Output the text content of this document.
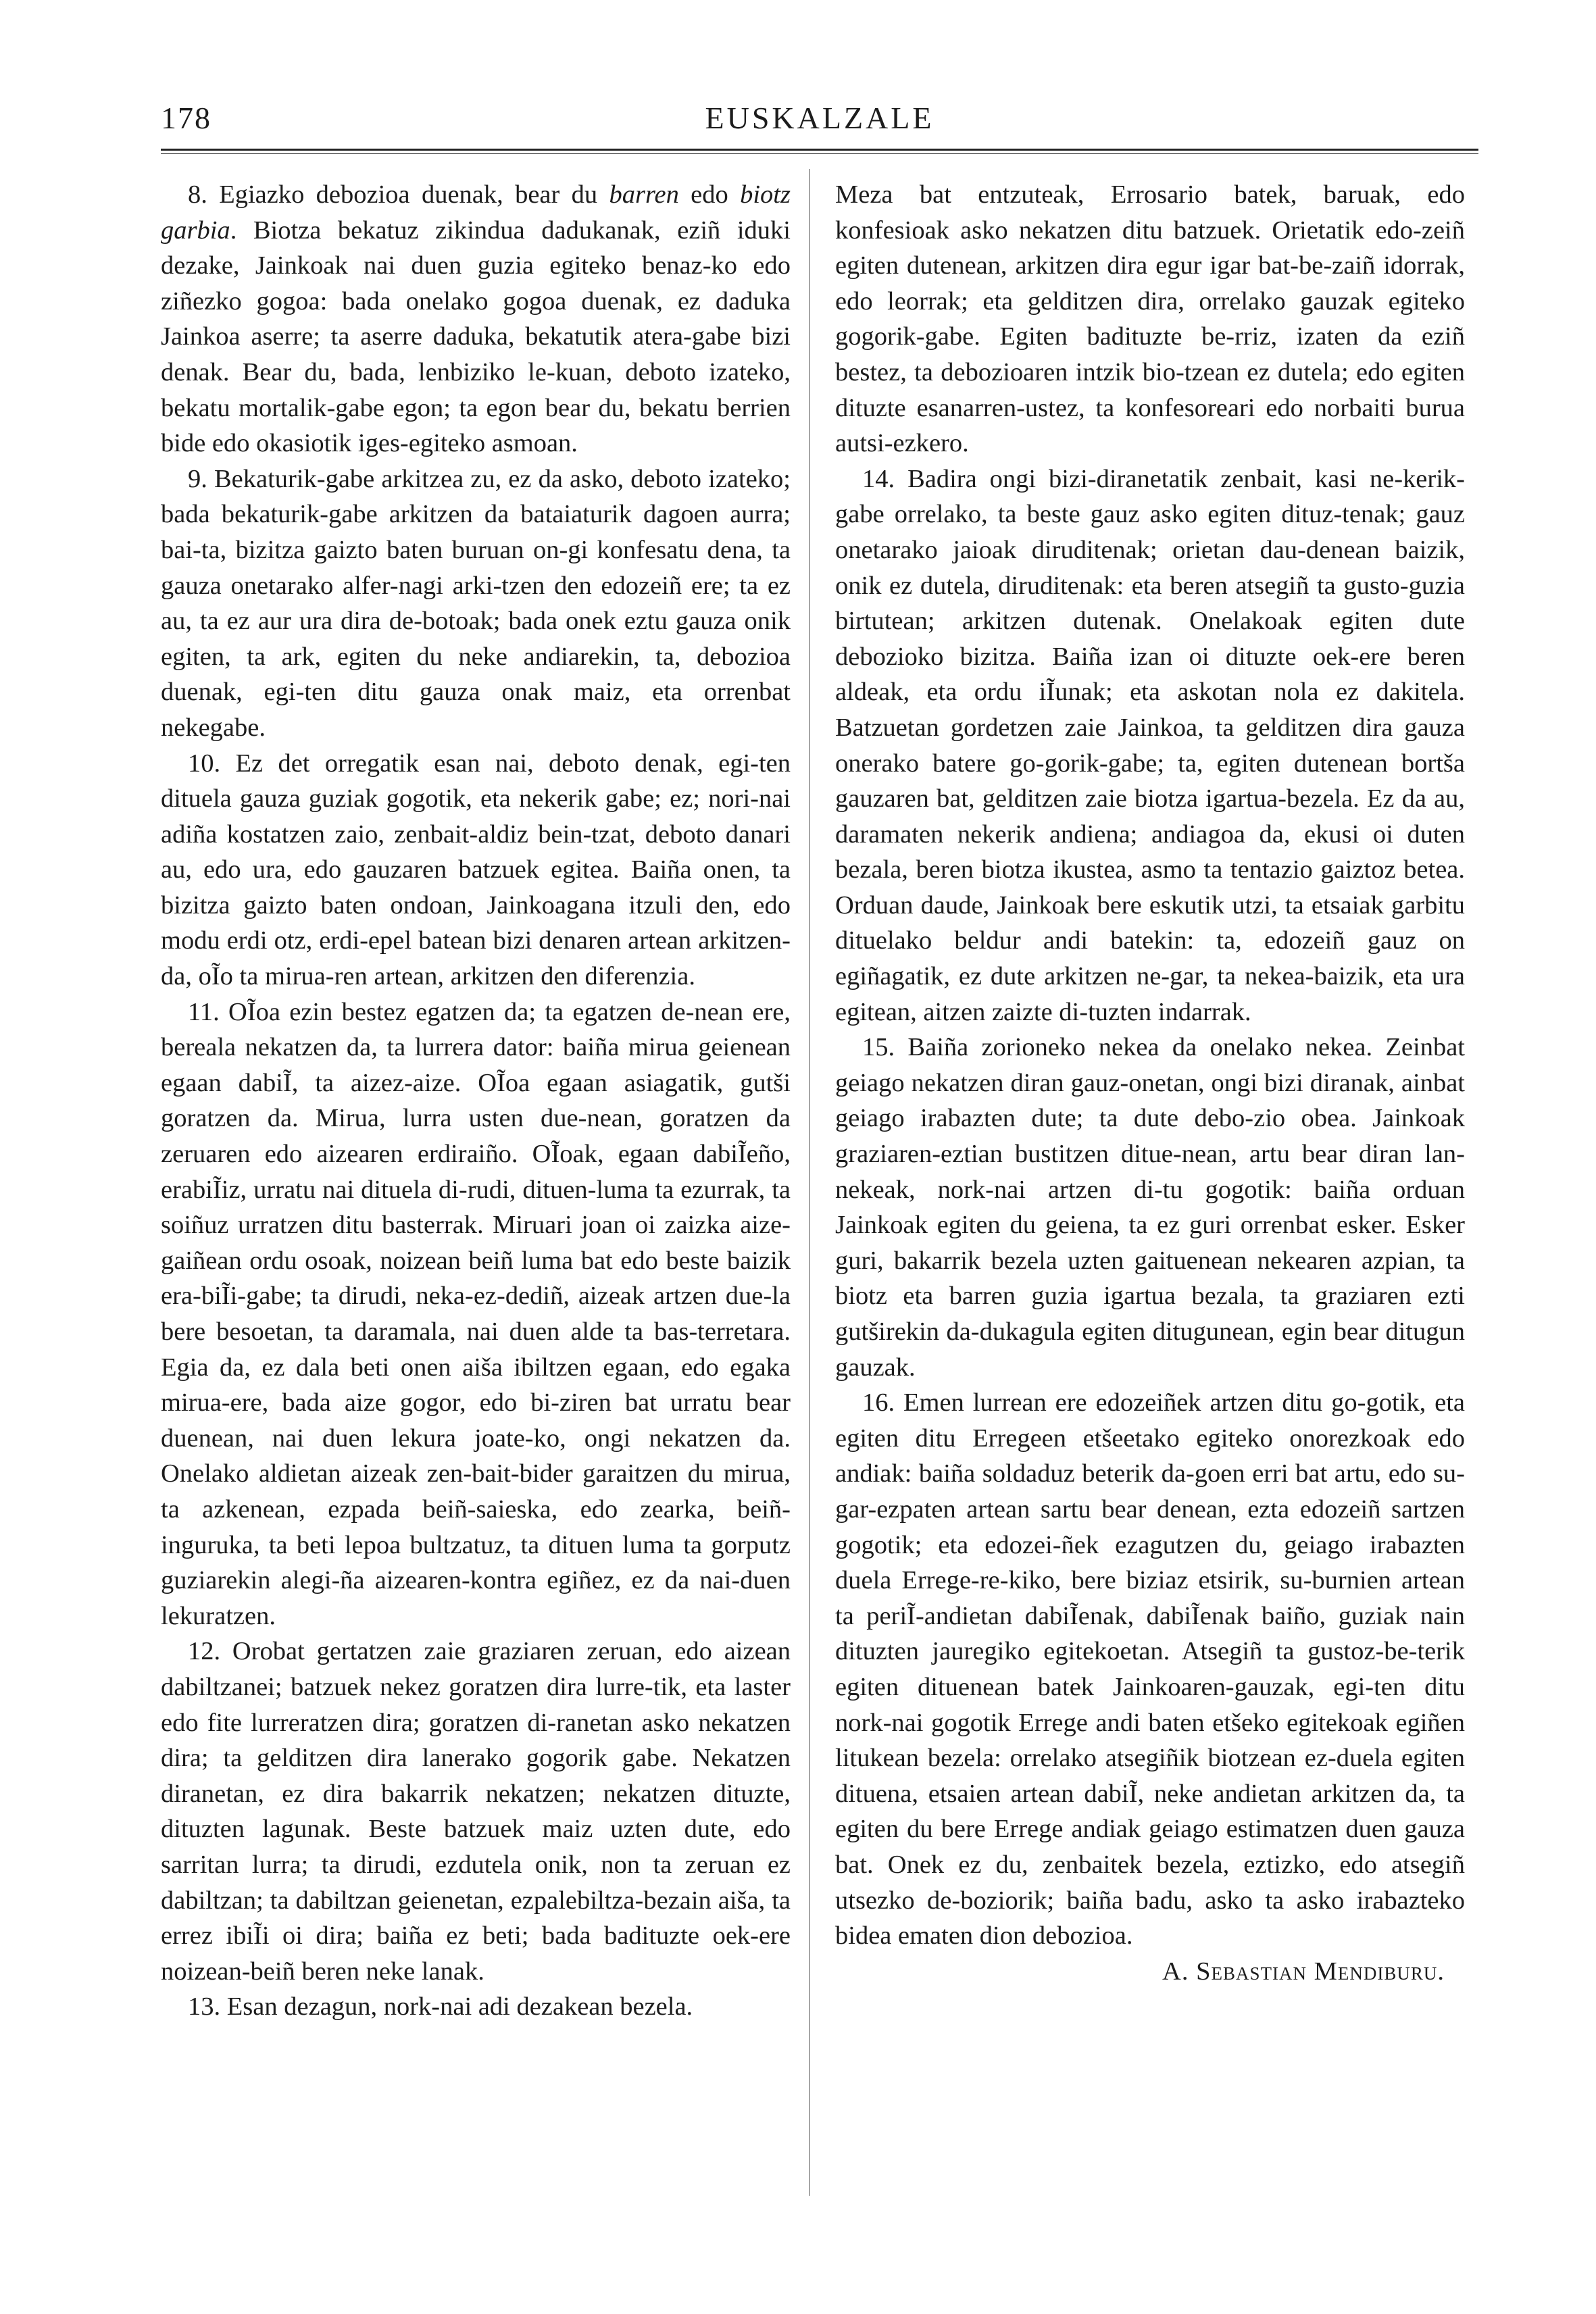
178	EUSKALZALE

8. Egiazko debozioa duenak, bear du barren edo biotz garbia. Biotza bekatuz zikindua dadukanak, eziñ iduki dezake, Jainkoak nai duen guzia egiteko benaz-ko edo ziñezko gogoa: bada onelako gogoa duenak, ez daduka Jainkoa aserre; ta aserre daduka, bekatutik atera-gabe bizi denak. Bear du, bada, lenbiziko le-kuan, deboto izateko, bekatu mortalik-gabe egon; ta egon bear du, bekatu berrien bide edo okasiotik iges-egiteko asmoan.

9. Bekaturik-gabe arkitzea zu, ez da asko, deboto izateko; bada bekaturik-gabe arkitzen da bataiaturik dagoen aurra; bai-ta, bizitza gaizto baten buruan on-gi konfesatu dena, ta gauza onetarako alfer-nagi arki-tzen den edozeiñ ere; ta ez au, ta ez aur ura dira de-botoak; bada onek eztu gauza onik egiten, ta ark, egiten du neke andiarekin, ta, debozioa duenak, egi-ten ditu gauza onak maiz, eta orrenbat nekegabe.

10. Ez det orregatik esan nai, deboto denak, egi-ten dituela gauza guziak gogotik, eta nekerik gabe; ez; nori-nai adiña kostatzen zaio, zenbait-aldiz bein-tzat, deboto danari au, edo ura, edo gauzaren batzuek egitea. Baiña onen, ta bizitza gaizto baten ondoan, Jainkoagana itzuli den, edo modu erdi otz, erdi-epel batean bizi denaren artean arkitzen-da, oĨo ta mirua-ren artean, arkitzen den diferenzia.

11. OĨoa ezin bestez egatzen da; ta egatzen de-nean ere, bereala nekatzen da, ta lurrera dator: baiña mirua geienean egaan dabiĨ, ta aizez-aize. OĨoa egaan asiagatik, gutši goratzen da. Mirua, lurra usten due-nean, goratzen da zeruaren edo aizearen erdiraiño. OĨoak, egaan dabiĨeño, erabiĨiz, urratu nai dituela di-rudi, dituen-luma ta ezurrak, ta soiñuz urratzen ditu basterrak. Miruari joan oi zaizka aize-gaiñean ordu osoak, noizean beiñ luma bat edo beste baizik era-biĨi-gabe; ta dirudi, neka-ez-dediñ, aizeak artzen due-la bere besoetan, ta daramala, nai duen alde ta bas-terretara. Egia da, ez dala beti onen aiša ibiltzen egaan, edo egaka mirua-ere, bada aize gogor, edo bi-ziren bat urratu bear duenean, nai duen lekura joate-ko, ongi nekatzen da. Onelako aldietan aizeak zen-bait-bider garaitzen du mirua, ta azkenean, ezpada beiñ-saieska, edo zearka, beiñ-inguruka, ta beti lepoa bultzatuz, ta dituen luma ta gorputz guziarekin alegi-ña aizearen-kontra egiñez, ez da nai-duen lekuratzen.

12. Orobat gertatzen zaie graziaren zeruan, edo aizean dabiltzanei; batzuek nekez goratzen dira lurre-tik, eta laster edo fite lurreratzen dira; goratzen di-ranetan asko nekatzen dira; ta gelditzen dira lanerako gogorik gabe. Nekatzen diranetan, ez dira bakarrik nekatzen; nekatzen dituzte, dituzten lagunak. Beste batzuek maiz uzten dute, edo sarritan lurra; ta dirudi, ezdutela onik, non ta zeruan ez dabiltzan; ta dabiltzan geienetan, ezpalebiltza-bezain aiša, ta errez ibiĨi oi dira; baiña ez beti; bada badituzte oek-ere noizean-beiñ beren neke lanak.

13. Esan dezagun, nork-nai adi dezakean bezela.

Meza bat entzuteak, Errosario batek, baruak, edo konfesioak asko nekatzen ditu batzuek. Orietatik edo-zeiñ egiten dutenean, arkitzen dira egur igar bat-be-zaiñ idorrak, edo leorrak; eta gelditzen dira, orrelako gauzak egiteko gogorik-gabe. Egiten badituzte be-rriz, izaten da eziñ bestez, ta debozioaren intzik bio-tzean ez dutela; edo egiten dituzte esanarren-ustez, ta konfesoreari edo norbaiti burua autsi-ezkero.

14. Badira ongi bizi-diranetatik zenbait, kasi ne-kerik-gabe orrelako, ta beste gauz asko egiten dituz-tenak; gauz onetarako jaioak diruditenak; orietan dau-denean baizik, onik ez dutela, diruditenak: eta beren atsegiñ ta gusto-guzia birtutean; arkitzen dutenak. Onelakoak egiten dute debozioko bizitza. Baiña izan oi dituzte oek-ere beren aldeak, eta ordu iĨunak; eta askotan nola ez dakitela. Batzuetan gordetzen zaie Jainkoa, ta gelditzen dira gauza onerako batere go-gorik-gabe; ta, egiten dutenean bortša gauzaren bat, gelditzen zaie biotza igartua-bezela. Ez da au, daramaten nekerik andiena; andiagoa da, ekusi oi duten bezala, beren biotza ikustea, asmo ta tentazio gaiztoz betea. Orduan daude, Jainkoak bere eskutik utzi, ta etsaiak garbitu dituelako beldur andi batekin: ta, edozeiñ gauz on egiñagatik, ez dute arkitzen ne-gar, ta nekea-baizik, eta ura egitean, aitzen zaizte di-tuzten indarrak.

15. Baiña zorioneko nekea da onelako nekea. Zeinbat geiago nekatzen diran gauz-onetan, ongi bizi diranak, ainbat geiago irabazten dute; ta dute debo-zio obea. Jainkoak graziaren-eztian bustitzen ditue-nean, artu bear diran lan-nekeak, nork-nai artzen di-tu gogotik: baiña orduan Jainkoak egiten du geiena, ta ez guri orrenbat esker. Esker guri, bakarrik bezela uzten gaituenean nekearen azpian, ta biotz eta barren guzia igartua bezala, ta graziaren ezti gutširekin da-dukagula egiten ditugunean, egin bear ditugun gauzak.

16. Emen lurrean ere edozeiñek artzen ditu go-gotik, eta egiten ditu Erregeen etšeetako egiteko onorezkoak edo andiak: baiña soldaduz beterik da-goen erri bat artu, edo su-gar-ezpaten artean sartu bear denean, ezta edozeiñ sartzen gogotik; eta edozei-ñek ezagutzen du, geiago irabazten duela Errege-re-kiko, bere biziaz etsirik, su-burnien artean ta periĨ-andietan dabiĨenak, dabiĨenak baiño, guziak nain dituzten jauregiko egitekoetan. Atsegiñ ta gustoz-be-terik egiten dituenean batek Jainkoaren-gauzak, egi-ten ditu nork-nai gogotik Errege andi baten etšeko egitekoak egiñen litukean bezela: orrelako atsegiñik biotzean ez-duela egiten dituena, etsaien artean dabiĨ, neke andietan arkitzen da, ta egiten du bere Errege andiak geiago estimatzen duen gauza bat. Onek ez du, zenbaitek bezela, eztizko, edo atsegiñ utsezko de-boziorik; baiña badu, asko ta asko irabazteko bidea ematen dion debozioa.

A. Sebastian Mendiburu.
